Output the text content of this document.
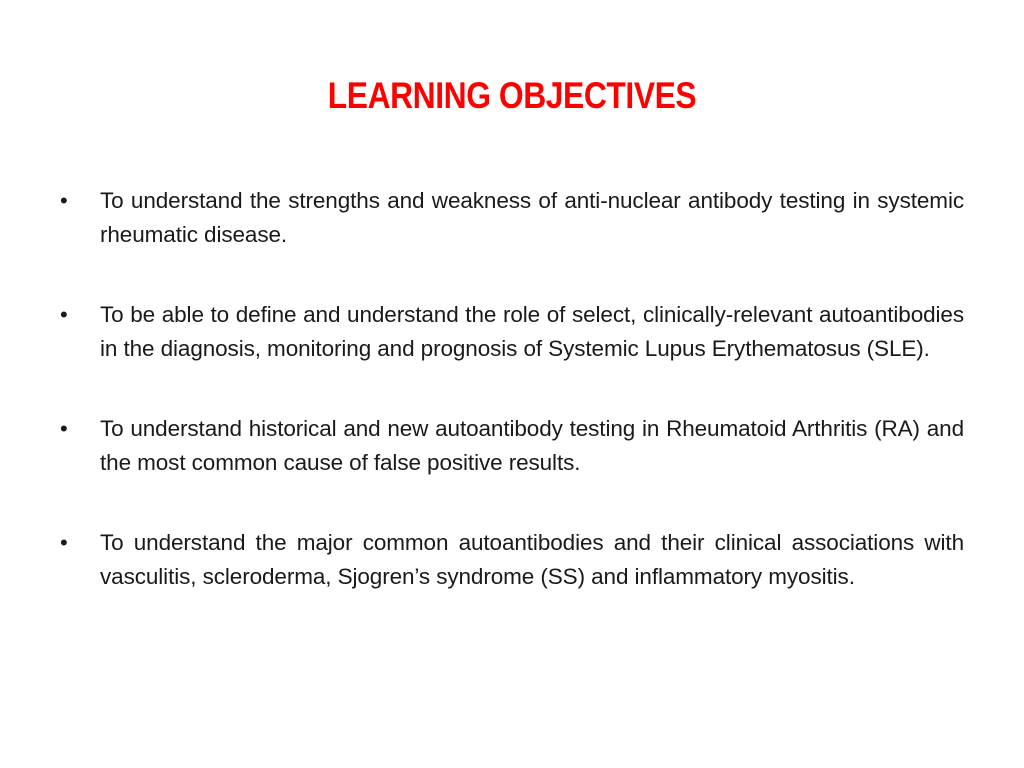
LEARNING OBJECTIVES
•	To understand the strengths and weakness of anti-nuclear antibody testing in systemic rheumatic disease.
•	To be able to define and understand the role of select, clinically-relevant autoantibodies in the diagnosis, monitoring and prognosis of Systemic Lupus Erythematosus (SLE).
•	To understand historical and new autoantibody testing in Rheumatoid Arthritis (RA) and the most common cause of false positive results.
•	To understand the major common autoantibodies and their clinical associations with vasculitis, scleroderma, Sjogren’s syndrome (SS) and inflammatory myositis.
